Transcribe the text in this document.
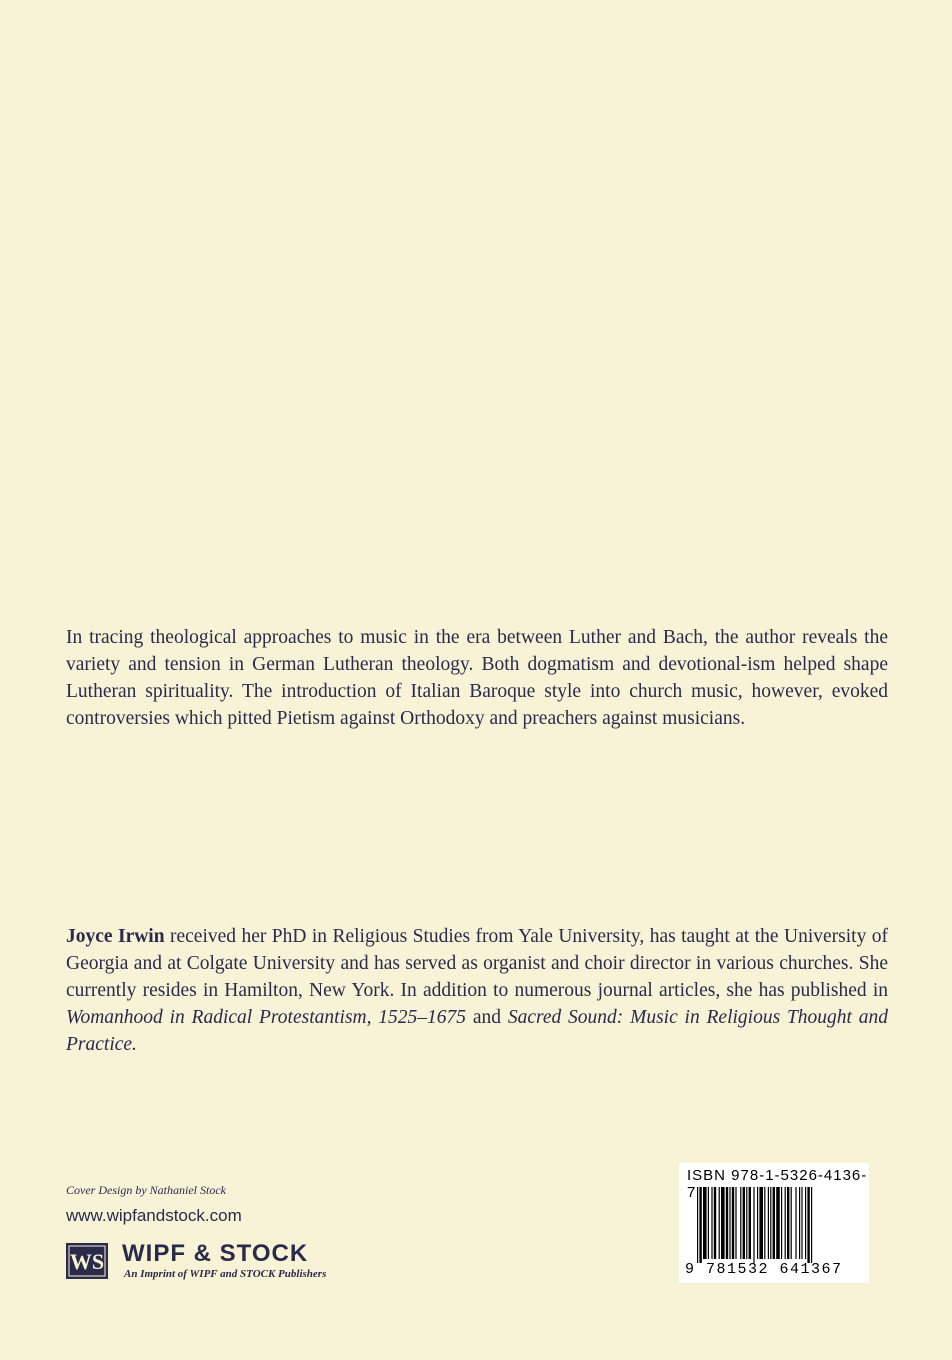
In tracing theological approaches to music in the era between Luther and Bach, the author reveals the variety and tension in German Lutheran theology. Both dogmatism and devotional-ism helped shape Lutheran spirituality. The introduction of Italian Baroque style into church music, however, evoked controversies which pitted Pietism against Orthodoxy and preachers against musicians.

Joyce Irwin received her PhD in Religious Studies from Yale University, has taught at the University of Georgia and at Colgate University and has served as organist and choir director in various churches. She currently resides in Hamilton, New York. In addition to numerous journal articles, she has published in Womanhood in Radical Protestantism, 1525–1675 and Sacred Sound: Music in Religious Thought and Practice.

Cover Design by Nathaniel Stock
www.wipfandstock.com
WS WIPF & STOCK
An Imprint of WIPF and STOCK Publishers
ISBN 978-1-5326-4136-7
9 781532 641367
